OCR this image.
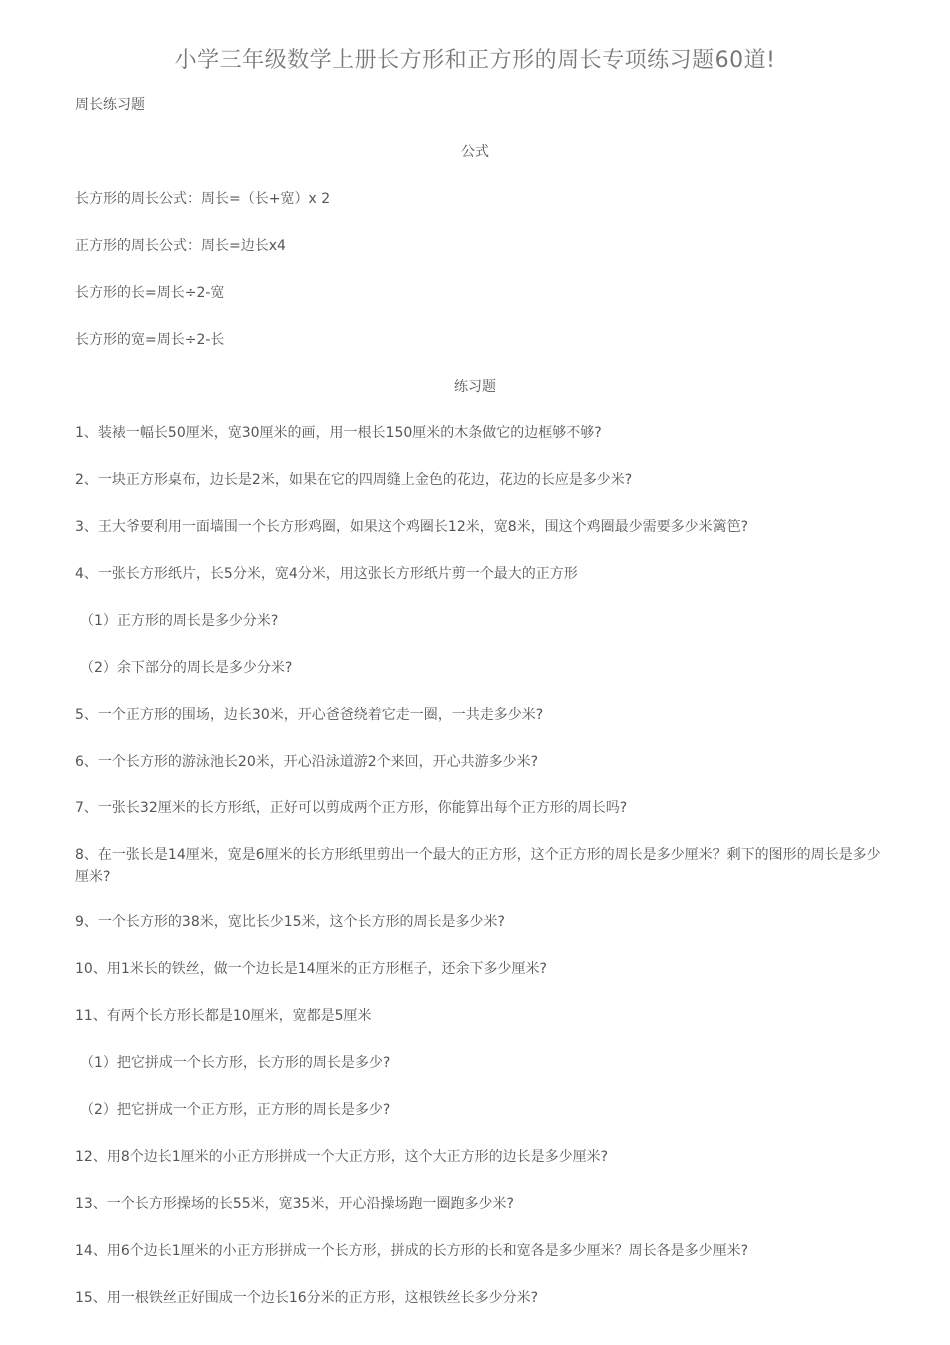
小学三年级数学上册长方形和正方形的周长专项练习题60道!
周长练习题
公式
长方形的周长公式：周长=（长+宽）x 2
正方形的周长公式：周长=边长x4
长方形的长=周长÷2-宽
长方形的宽=周长÷2-长
练习题
1、装裱一幅长50厘米，宽30厘米的画，用一根长150厘米的木条做它的边框够不够?
2、一块正方形桌布，边长是2米，如果在它的四周缝上金色的花边，花边的长应是多少米?
3、王大爷要利用一面墙围一个长方形鸡圈，如果这个鸡圈长12米，宽8米，围这个鸡圈最少需要多少米篱笆?
4、一张长方形纸片，长5分米，宽4分米，用这张长方形纸片剪一个最大的正方形
（1）正方形的周长是多少分米?
（2）余下部分的周长是多少分米?
5、一个正方形的围场，边长30米，开心爸爸绕着它走一圈，一共走多少米?
6、一个长方形的游泳池长20米，开心沿泳道游2个来回，开心共游多少米?
7、一张长32厘米的长方形纸，正好可以剪成两个正方形，你能算出每个正方形的周长吗?
8、在一张长是14厘米，宽是6厘米的长方形纸里剪出一个最大的正方形，这个正方形的周长是多少厘米？剩下的图形的周长是多少厘米?
9、一个长方形的38米，宽比长少15米，这个长方形的周长是多少米?
10、用1米长的铁丝，做一个边长是14厘米的正方形框子，还余下多少厘米?
11、有两个长方形长都是10厘米，宽都是5厘米
（1）把它拼成一个长方形，长方形的周长是多少?
（2）把它拼成一个正方形，正方形的周长是多少?
12、用8个边长1厘米的小正方形拼成一个大正方形，这个大正方形的边长是多少厘米?
13、一个长方形操场的长55米，宽35米，开心沿操场跑一圈跑多少米?
14、用6个边长1厘米的小正方形拼成一个长方形，拼成的长方形的长和宽各是多少厘米？周长各是多少厘米?
15、用一根铁丝正好围成一个边长16分米的正方形，这根铁丝长多少分米?
